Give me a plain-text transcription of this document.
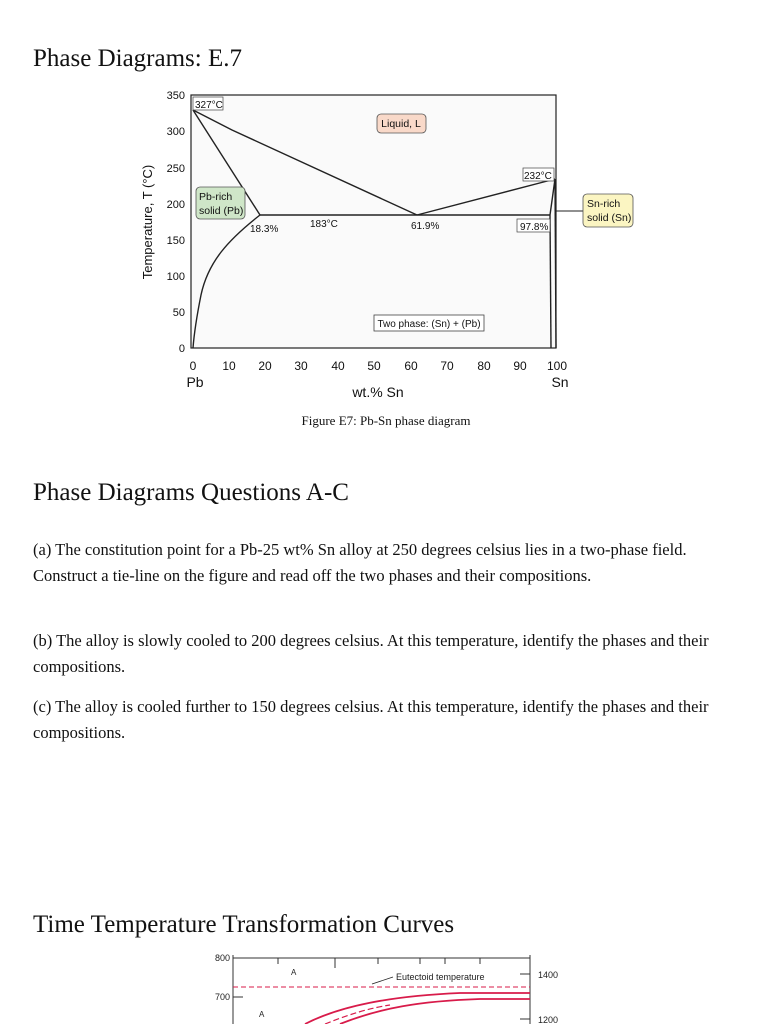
Phase Diagrams: E.7
Temperature, T (°C)
350
300
250
200
150
100
50
0
0 10 20 30 40 50 60 70 80 90 100
Pb	Sn
wt.% Sn
327°C
232°C
18.3%	183°C	61.9%	97.8%
Liquid, L
Pb-rich
solid (Pb)
Sn-rich
solid (Sn)
Two phase: (Sn) + (Pb)
Figure E7: Pb-Sn phase diagram
Phase Diagrams Questions A-C

(a) The constitution point for a Pb-25 wt% Sn alloy at 250 degrees celsius lies in a two-phase field. Construct a tie-line on the figure and read off the two phases and their compositions.

(b) The alloy is slowly cooled to 200 degrees celsius. At this temperature, identify the phases and their compositions.

(c) The alloy is cooled further to 150 degrees celsius. At this temperature, identify the phases and their compositions.

Time Temperature Transformation Curves
800
700
1400
1200
A
A
Eutectoid temperature
